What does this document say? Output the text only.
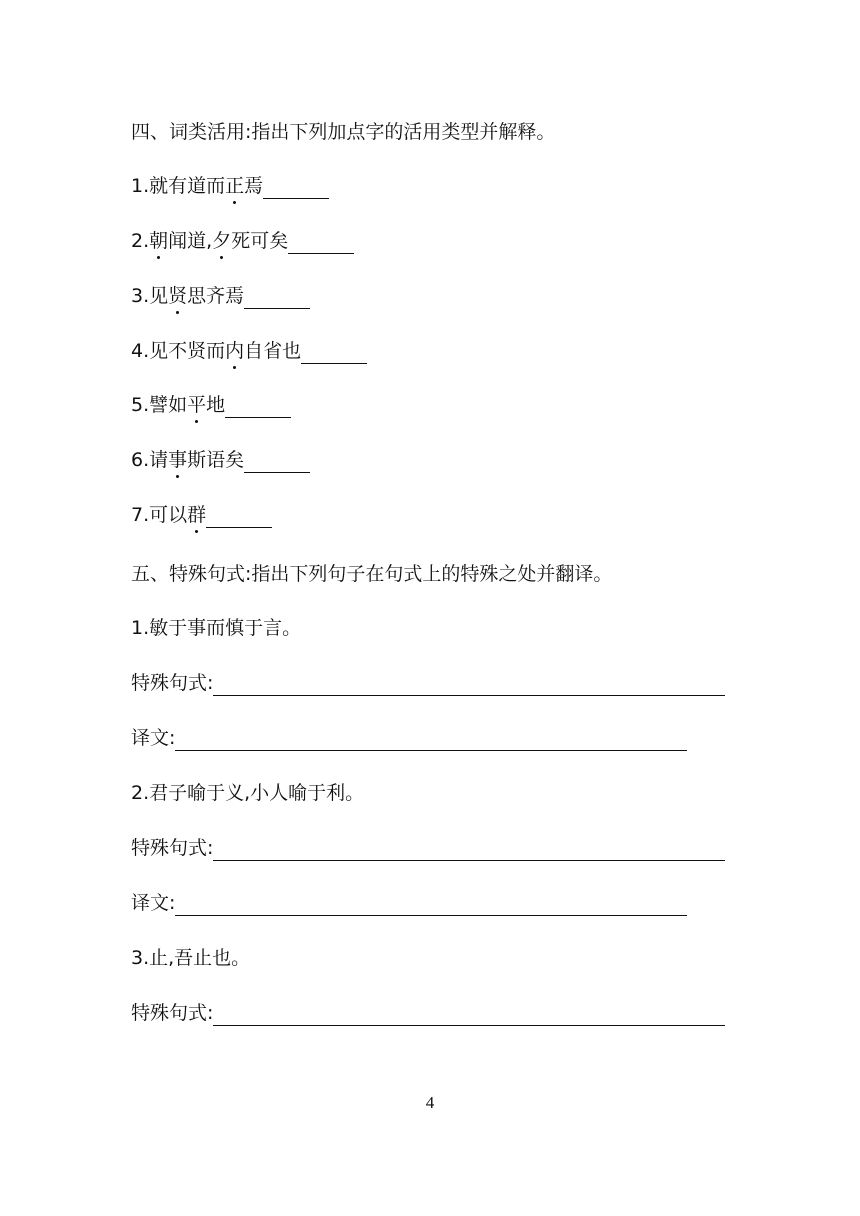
四、词类活用:指出下列加点字的活用类型并解释。
1.就有道而正焉
2.朝闻道,夕死可矣
3.见贤思齐焉
4.见不贤而内自省也
5.譬如平地
6.请事斯语矣
7.可以群
五、特殊句式:指出下列句子在句式上的特殊之处并翻译。
1.敏于事而慎于言。
特殊句式:
译文:
2.君子喻于义,小人喻于利。
特殊句式:
译文:
3.止,吾止也。
特殊句式:
4
